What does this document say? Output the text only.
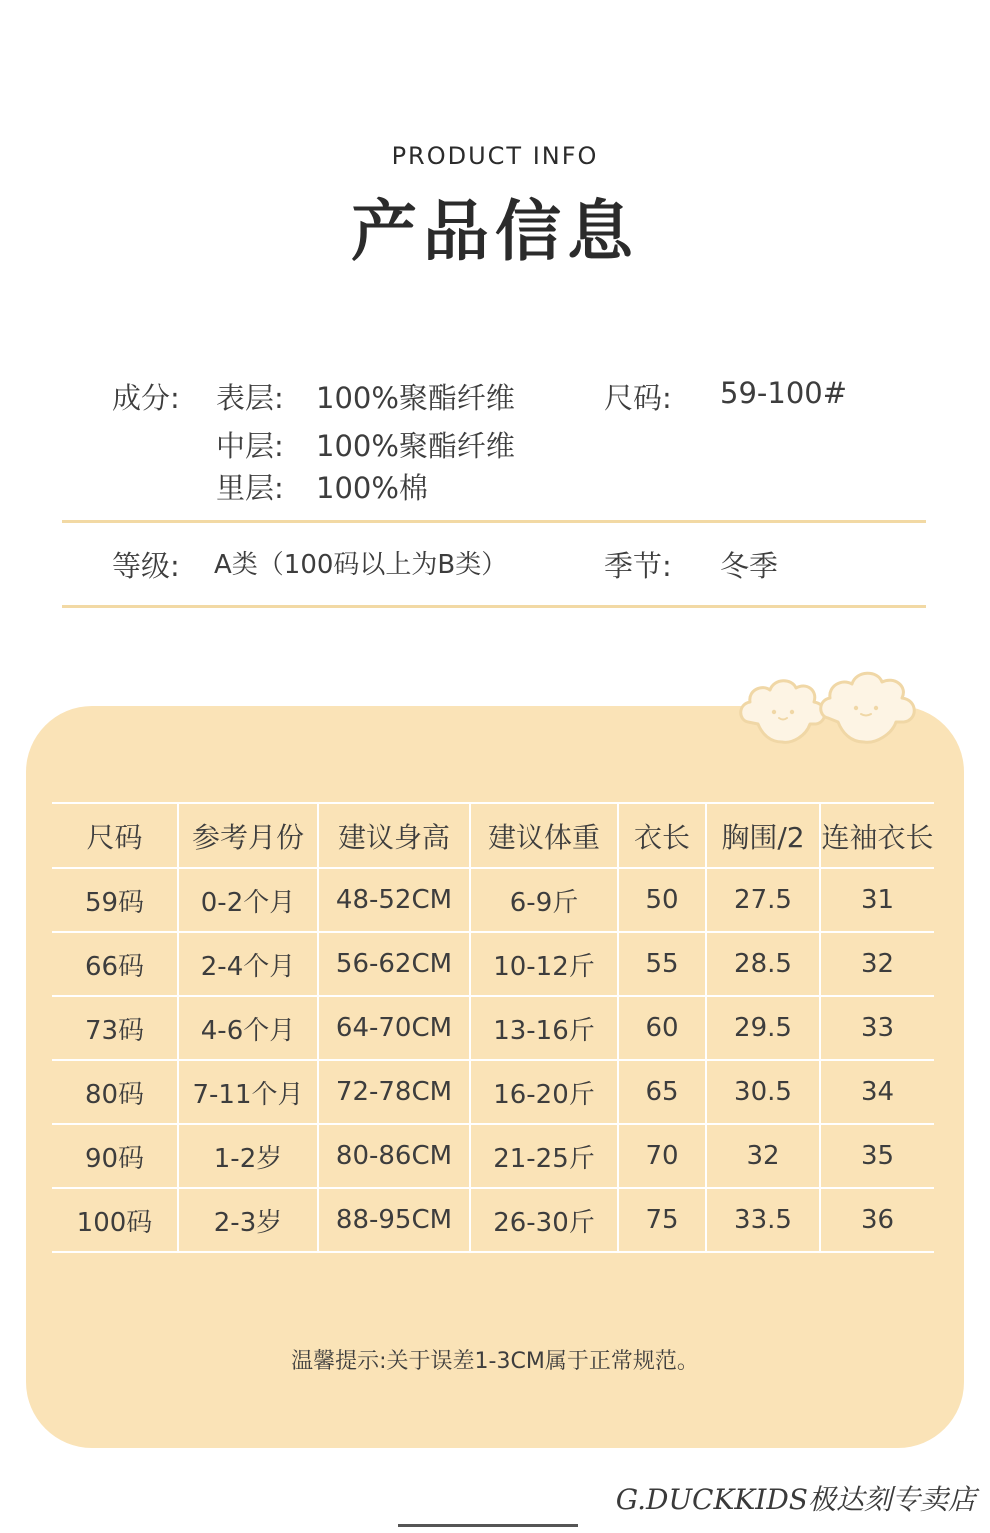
PRODUCT INFO
产品信息
成分: 表层: 100%聚酯纤维
中层: 100%聚酯纤维
里层: 100%棉
尺码: 59-100#
等级: A类（100码以上为B类）	季节: 冬季
尺码	参考月份	建议身高	建议体重	衣长	胸围/2	连袖衣长
59码	0-2个月	48-52CM	6-9斤	50	27.5	31
66码	2-4个月	56-62CM	10-12斤	55	28.5	32
73码	4-6个月	64-70CM	13-16斤	60	29.5	33
80码	7-11个月	72-78CM	16-20斤	65	30.5	34
90码	1-2岁	80-86CM	21-25斤	70	32	35
100码	2-3岁	88-95CM	26-30斤	75	33.5	36
温馨提示:关于误差1-3CM属于正常规范。
G.DUCKKIDS极达刻专卖店
